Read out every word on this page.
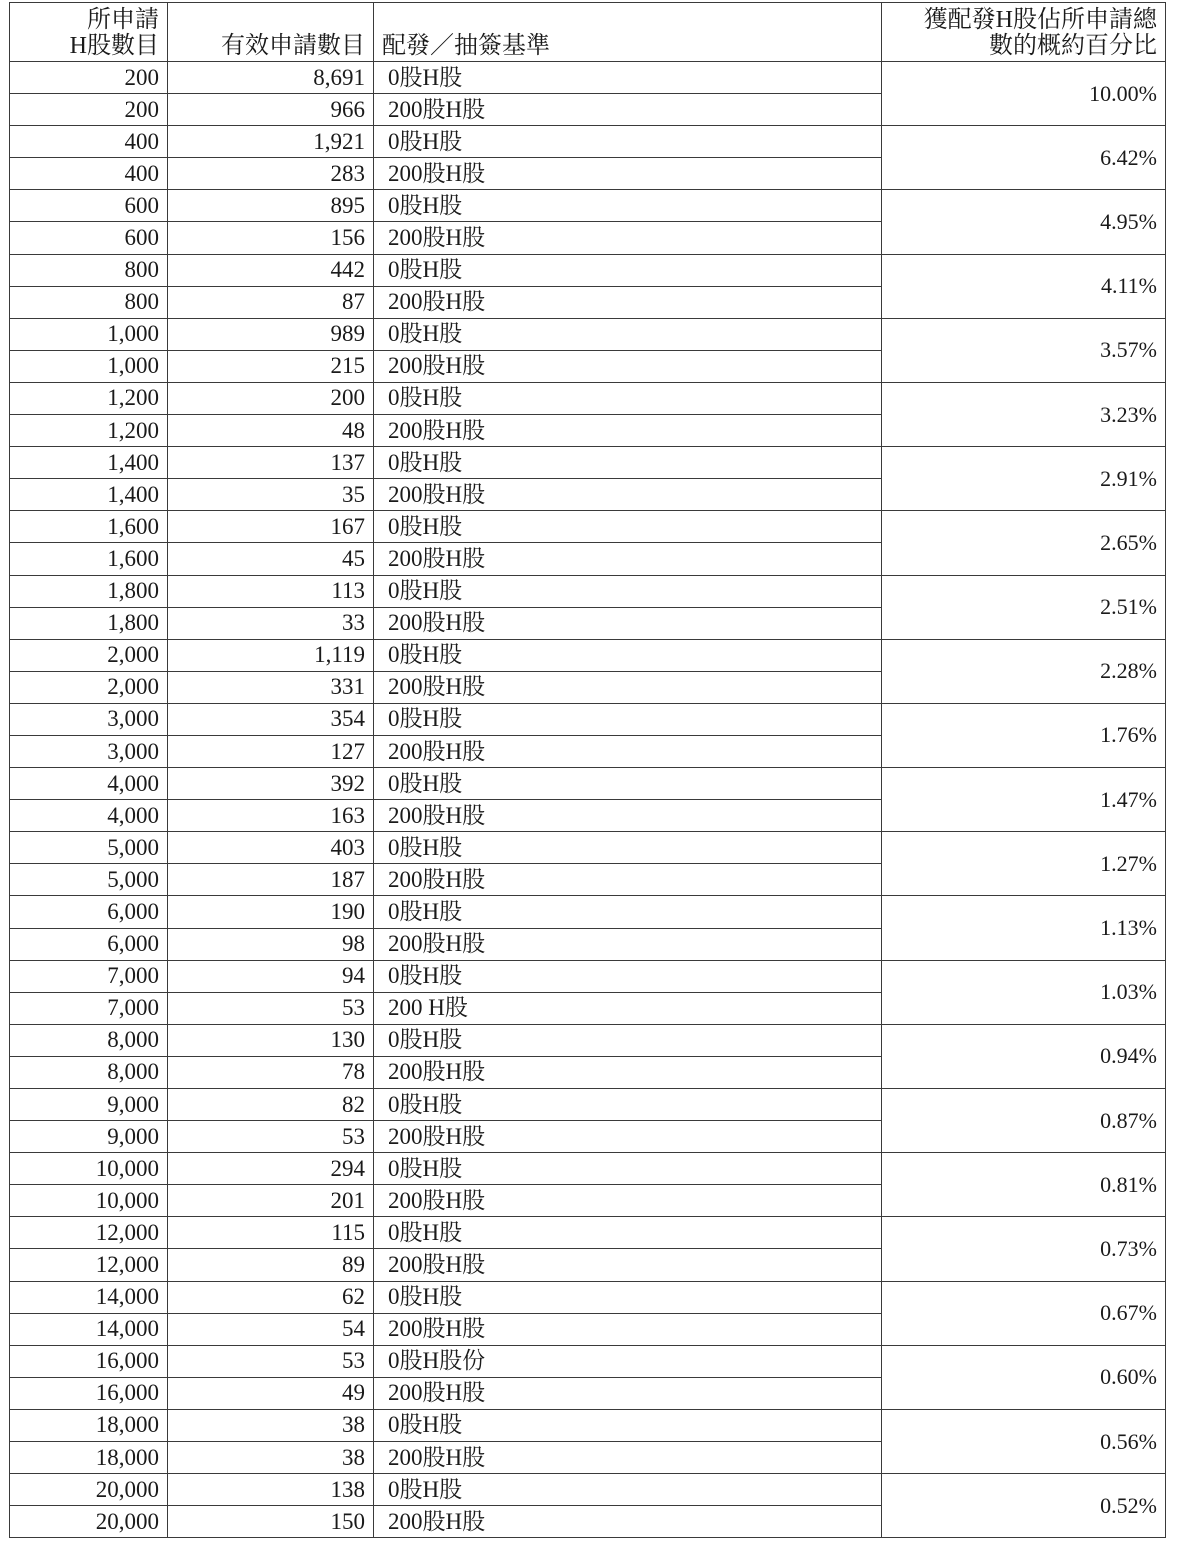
所申請
H股數目	有效申請數目	配發／抽簽基準	獲配發H股佔所申請總
數的概約百分比
200	8,691	0股H股	10.00%
200	966	200股H股	
400	1,921	0股H股	6.42%
400	283	200股H股	
600	895	0股H股	4.95%
600	156	200股H股	
800	442	0股H股	4.11%
800	87	200股H股	
1,000	989	0股H股	3.57%
1,000	215	200股H股	
1,200	200	0股H股	3.23%
1,200	48	200股H股	
1,400	137	0股H股	2.91%
1,400	35	200股H股	
1,600	167	0股H股	2.65%
1,600	45	200股H股	
1,800	113	0股H股	2.51%
1,800	33	200股H股	
2,000	1,119	0股H股	2.28%
2,000	331	200股H股	
3,000	354	0股H股	1.76%
3,000	127	200股H股	
4,000	392	0股H股	1.47%
4,000	163	200股H股	
5,000	403	0股H股	1.27%
5,000	187	200股H股	
6,000	190	0股H股	1.13%
6,000	98	200股H股	
7,000	94	0股H股	1.03%
7,000	53	200 H股	
8,000	130	0股H股	0.94%
8,000	78	200股H股	
9,000	82	0股H股	0.87%
9,000	53	200股H股	
10,000	294	0股H股	0.81%
10,000	201	200股H股	
12,000	115	0股H股	0.73%
12,000	89	200股H股	
14,000	62	0股H股	0.67%
14,000	54	200股H股	
16,000	53	0股H股份	0.60%
16,000	49	200股H股	
18,000	38	0股H股	0.56%
18,000	38	200股H股	
20,000	138	0股H股	0.52%
20,000	150	200股H股	
